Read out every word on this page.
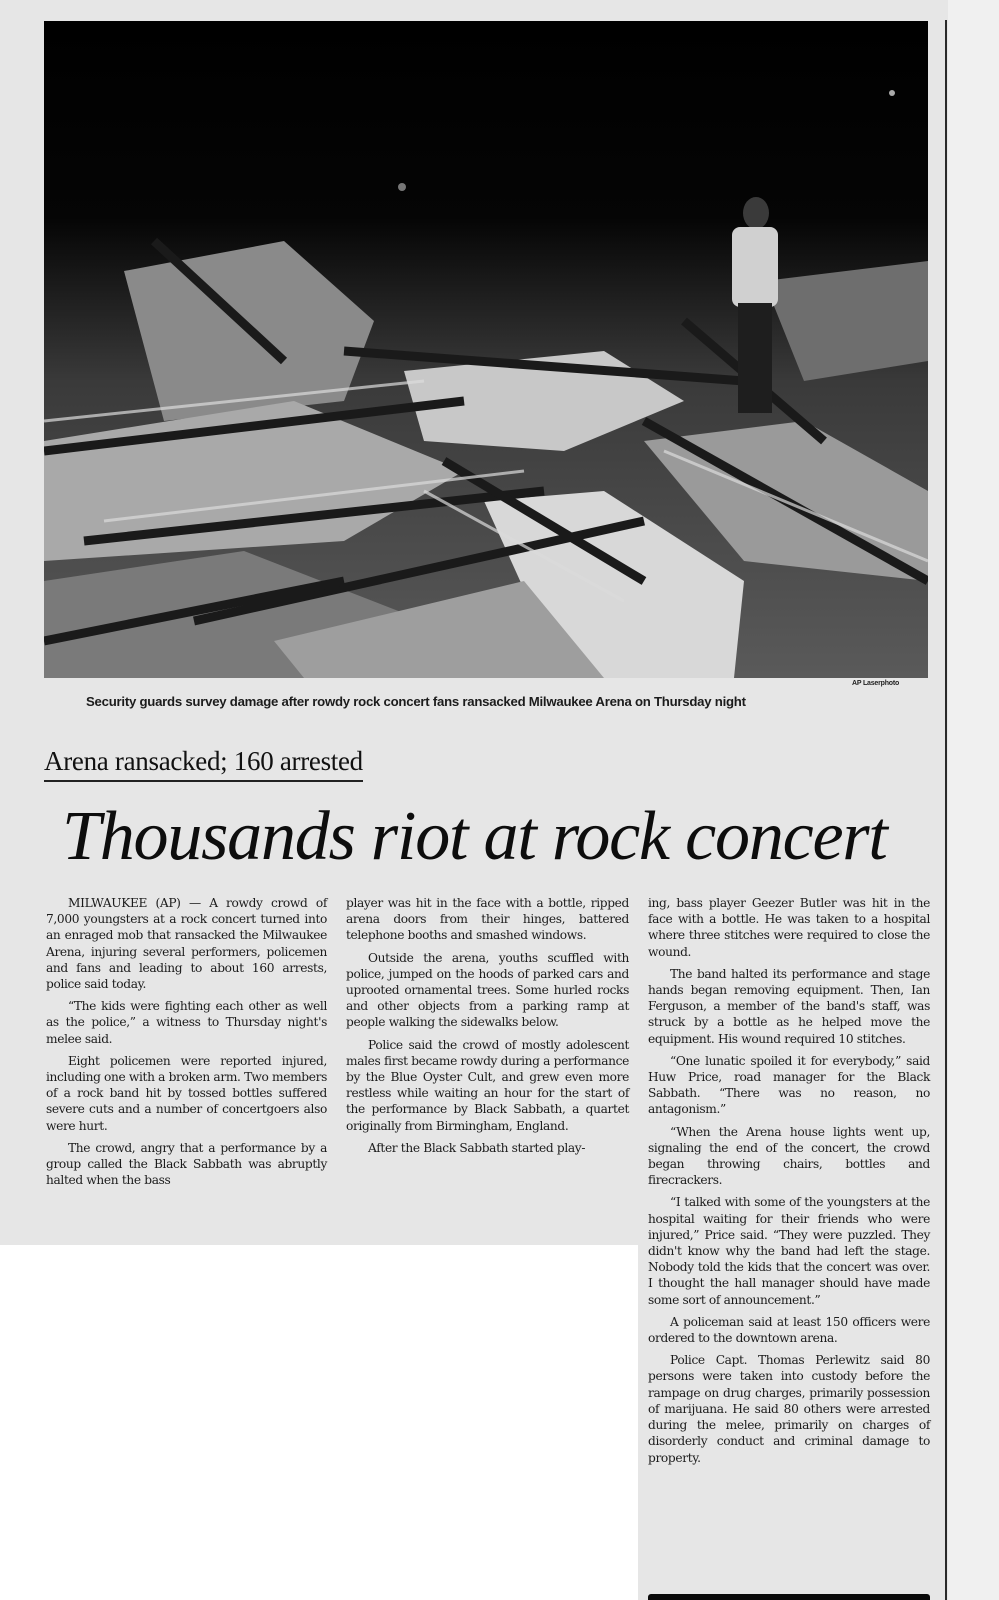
AP Laserphoto
Security guards survey damage after rowdy rock concert fans ransacked Milwaukee Arena on Thursday night
Arena ransacked; 160 arrested
Thousands riot at rock concert

MILWAUKEE (AP) — A rowdy crowd of 7,000 youngsters at a rock concert turned into an enraged mob that ransacked the Milwaukee Arena, injuring several performers, policemen and fans and leading to about 160 arrests, police said today.

“The kids were fighting each other as well as the police,” a witness to Thursday night's melee said.

Eight policemen were reported injured, including one with a broken arm. Two members of a rock band hit by tossed bottles suffered severe cuts and a number of concertgoers also were hurt.

The crowd, angry that a performance by a group called the Black Sabbath was abruptly halted when the bass

player was hit in the face with a bottle, ripped arena doors from their hinges, battered telephone booths and smashed windows.

Outside the arena, youths scuffled with police, jumped on the hoods of parked cars and uprooted ornamental trees. Some hurled rocks and other objects from a parking ramp at people walking the sidewalks below.

Police said the crowd of mostly adolescent males first became rowdy during a performance by the Blue Oyster Cult, and grew even more restless while waiting an hour for the start of the performance by Black Sabbath, a quartet originally from Birmingham, England.

After the Black Sabbath started play-

ing, bass player Geezer Butler was hit in the face with a bottle. He was taken to a hospital where three stitches were required to close the wound.

The band halted its performance and stage hands began removing equipment. Then, Ian Ferguson, a member of the band's staff, was struck by a bottle as he helped move the equipment. His wound required 10 stitches.

“One lunatic spoiled it for everybody,” said Huw Price, road manager for the Black Sabbath. “There was no reason, no antagonism.”

“When the Arena house lights went up, signaling the end of the concert, the crowd began throwing chairs, bottles and firecrackers.

“I talked with some of the youngsters at the hospital waiting for their friends who were injured,” Price said. “They were puzzled. They didn't know why the band had left the stage. Nobody told the kids that the concert was over. I thought the hall manager should have made some sort of announcement.”

A policeman said at least 150 officers were ordered to the downtown arena.

Police Capt. Thomas Perlewitz said 80 persons were taken into custody before the rampage on drug charges, primarily possession of marijuana. He said 80 others were arrested during the melee, primarily on charges of disorderly conduct and criminal damage to property.
